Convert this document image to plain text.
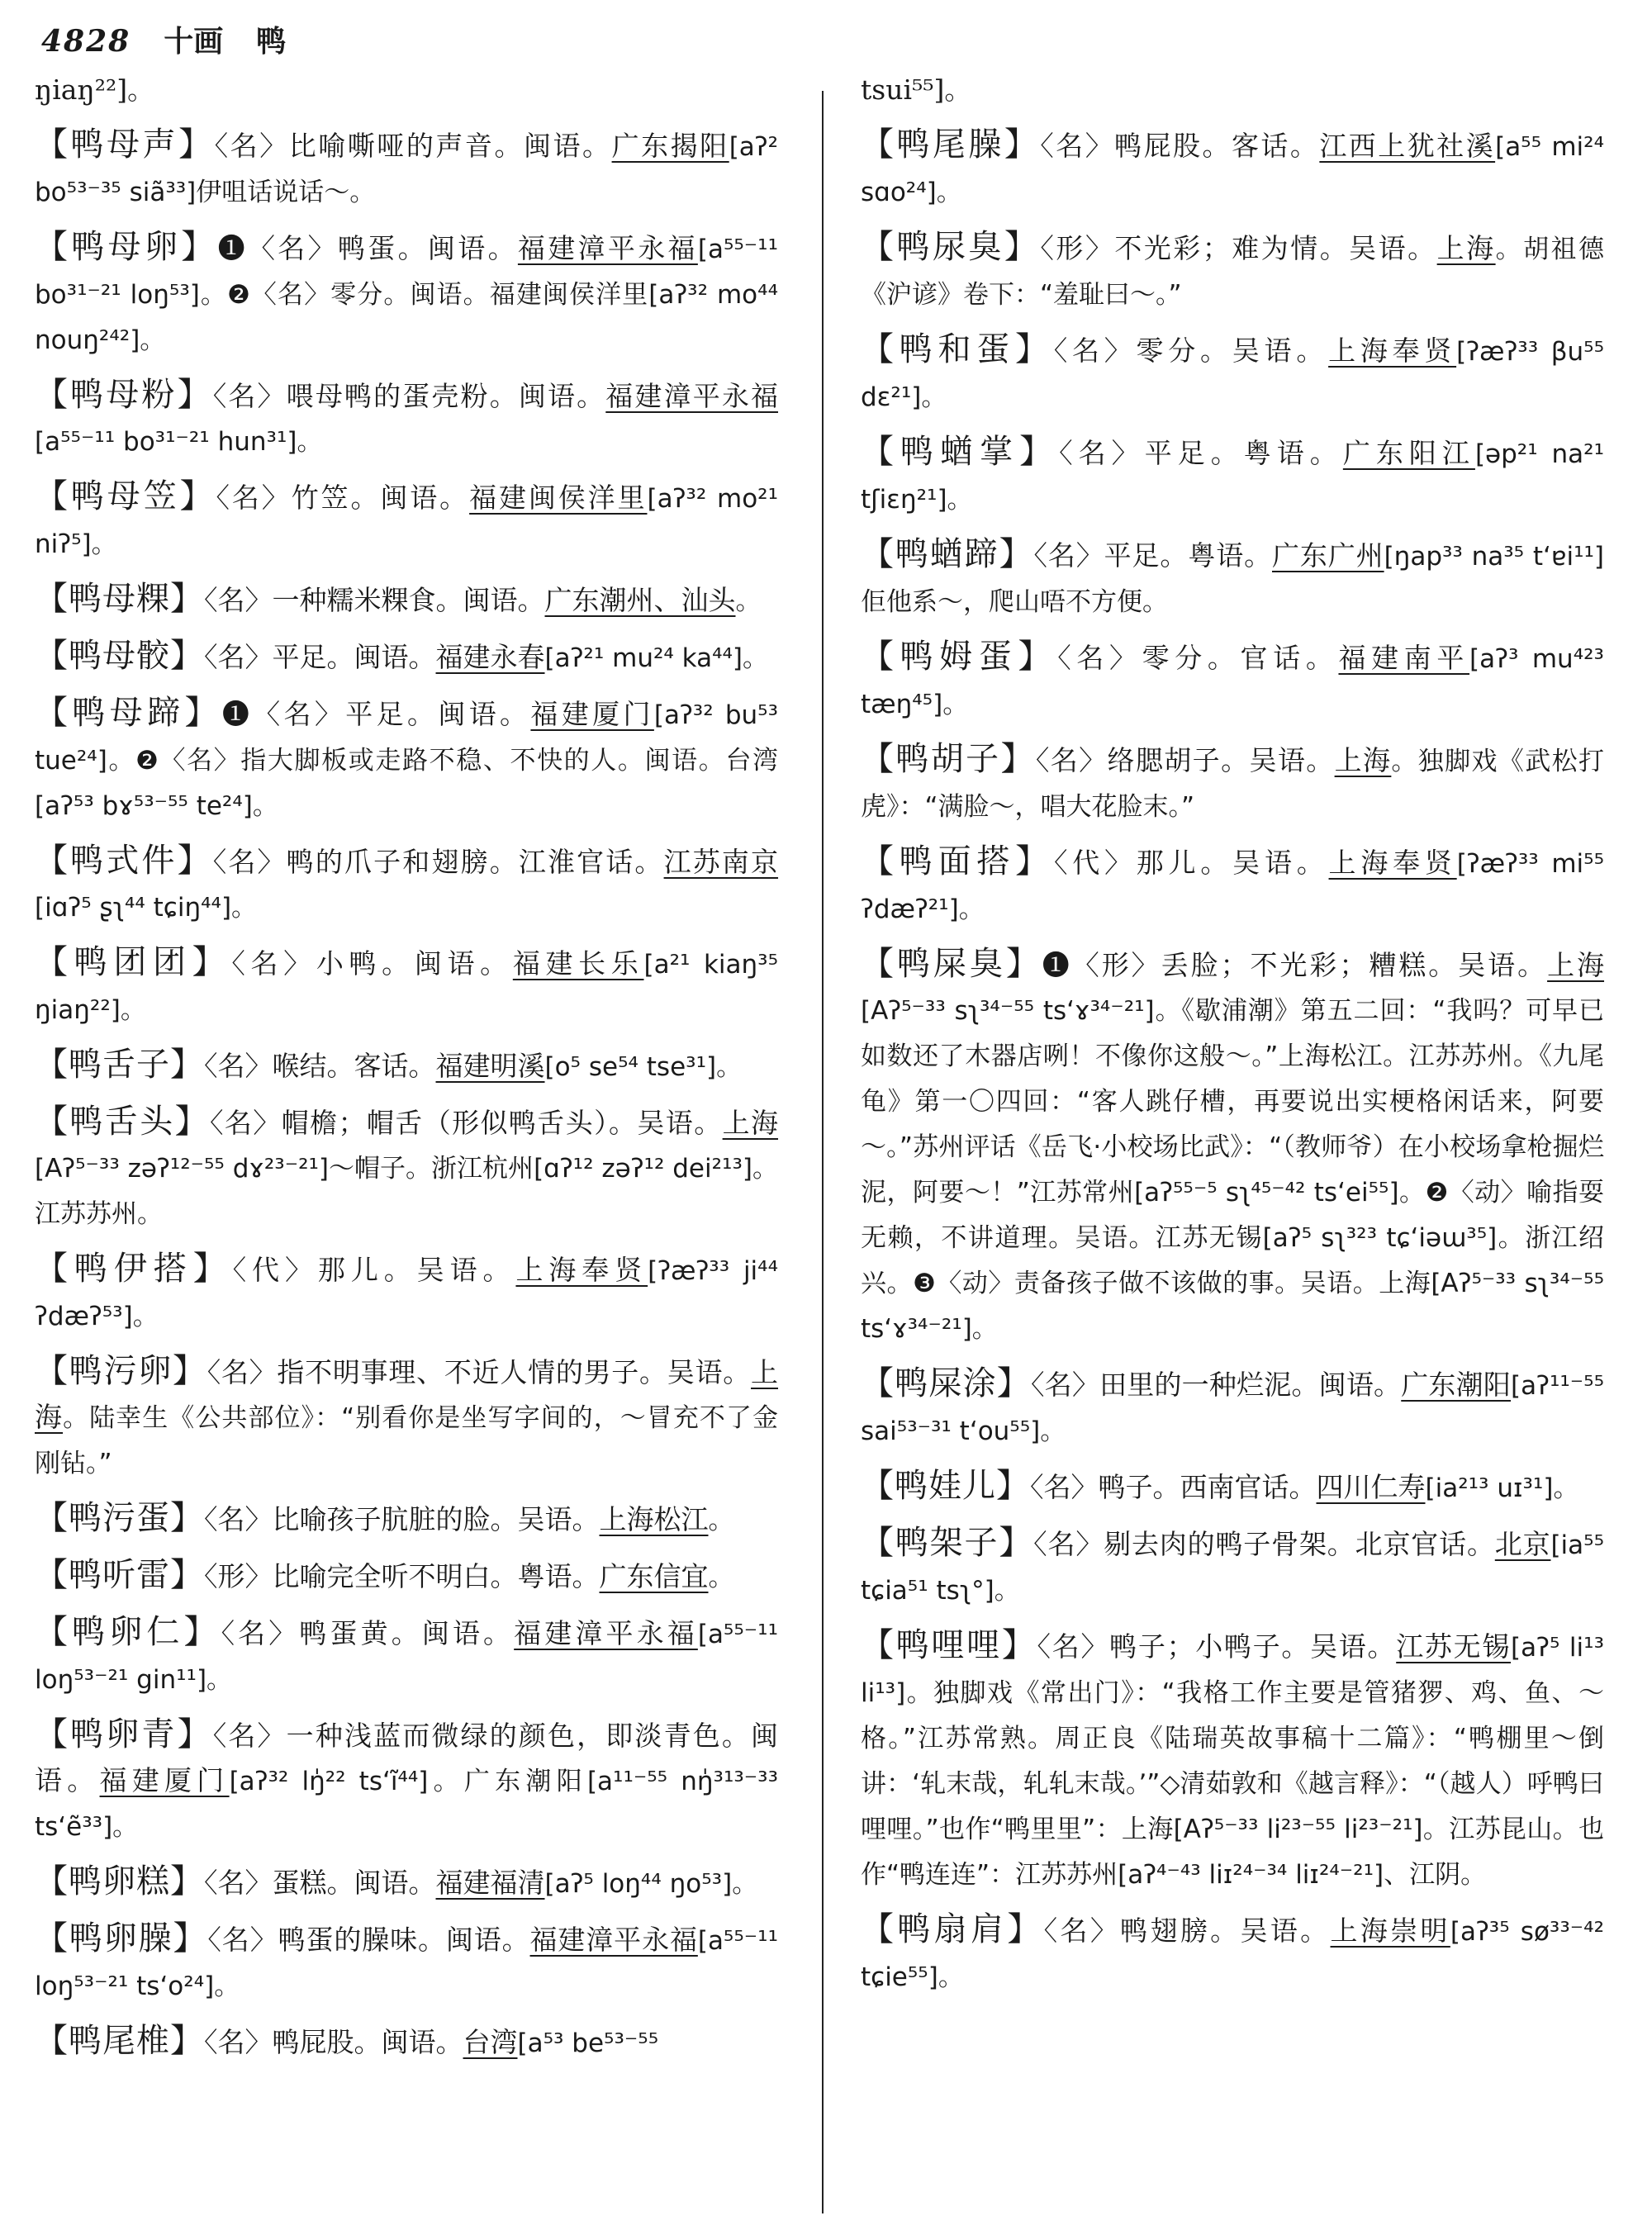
4828 十画 鸭
ŋiaŋ²²]。
【鸭母声】〈名〉比喻嘶哑的声音。闽语。广东揭阳[aʔ² bo⁵³⁻³⁵ siã³³]伊咀话说话～。
【鸭母卵】❶〈名〉鸭蛋。闽语。福建漳平永福[a⁵⁵⁻¹¹ bo³¹⁻²¹ loŋ⁵³]。❷〈名〉零分。闽语。福建闽侯洋里[aʔ³² mo⁴⁴ nouŋ²⁴²]。
【鸭母粉】〈名〉喂母鸭的蛋壳粉。闽语。福建漳平永福[a⁵⁵⁻¹¹ bo³¹⁻²¹ hun³¹]。
【鸭母笠】〈名〉竹笠。闽语。福建闽侯洋里[aʔ³² mo²¹ niʔ⁵]。
【鸭母粿】〈名〉一种糯米粿食。闽语。广东潮州、汕头。
【鸭母骹】〈名〉平足。闽语。福建永春[aʔ²¹ mu²⁴ ka⁴⁴]。
【鸭母蹄】❶〈名〉平足。闽语。福建厦门[aʔ³² bu⁵³ tue²⁴]。❷〈名〉指大脚板或走路不稳、不快的人。闽语。台湾[aʔ⁵³ bɤ⁵³⁻⁵⁵ te²⁴]。
【鸭式件】〈名〉鸭的爪子和翅膀。江淮官话。江苏南京[iɑʔ⁵ ʂʅ⁴⁴ tɕiŋ⁴⁴]。
【鸭团团】〈名〉小鸭。闽语。福建长乐[a²¹ kiaŋ³⁵ ŋiaŋ²²]。
【鸭舌子】〈名〉喉结。客话。福建明溪[o⁵ se⁵⁴ tse³¹]。
【鸭舌头】〈名〉帽檐；帽舌（形似鸭舌头）。吴语。上海[Aʔ⁵⁻³³ zəʔ¹²⁻⁵⁵ dɤ²³⁻²¹]～帽子。浙江杭州[ɑʔ¹² zəʔ¹² dei²¹³]。江苏苏州。
【鸭伊搭】〈代〉那儿。吴语。上海奉贤[ʔæʔ³³ ji⁴⁴ ʔdæʔ⁵³]。
【鸭污卵】〈名〉指不明事理、不近人情的男子。吴语。上海。陆幸生《公共部位》：“别看你是坐写字间的，～冒充不了金刚钻。”
【鸭污蛋】〈名〉比喻孩子肮脏的脸。吴语。上海松江。
【鸭听雷】〈形〉比喻完全听不明白。粤语。广东信宜。
【鸭卵仁】〈名〉鸭蛋黄。闽语。福建漳平永福[a⁵⁵⁻¹¹ loŋ⁵³⁻²¹ gin¹¹]。
【鸭卵青】〈名〉一种浅蓝而微绿的颜色，即淡青色。闽语。福建厦门[aʔ³² lŋ̍²² ts‘ĩ⁴⁴]。广东潮阳[a¹¹⁻⁵⁵ nŋ̍³¹³⁻³³ ts‘ẽ³³]。
【鸭卵糕】〈名〉蛋糕。闽语。福建福清[aʔ⁵ loŋ⁴⁴ ŋo⁵³]。
【鸭卵臊】〈名〉鸭蛋的臊味。闽语。福建漳平永福[a⁵⁵⁻¹¹ loŋ⁵³⁻²¹ ts‘o²⁴]。
【鸭尾椎】〈名〉鸭屁股。闽语。台湾[a⁵³ be⁵³⁻⁵⁵
tsui⁵⁵]。
【鸭尾臊】〈名〉鸭屁股。客话。江西上犹社溪[a⁵⁵ mi²⁴ sɑo²⁴]。
【鸭尿臭】〈形〉不光彩；难为情。吴语。上海。胡祖德《沪谚》卷下：“羞耻曰～。”
【鸭和蛋】〈名〉零分。吴语。上海奉贤[ʔæʔ³³ βu⁵⁵ dɛ²¹]。
【鸭蝤掌】〈名〉平足。粤语。广东阳江[əp²¹ na²¹ tʃiɛŋ²¹]。
【鸭蝤蹄】〈名〉平足。粤语。广东广州[ŋap³³ na³⁵ t‘ɐi¹¹]佢他系～，爬山唔不方便。
【鸭姆蛋】〈名〉零分。官话。福建南平[aʔ³ mu⁴²³ tæŋ⁴⁵]。
【鸭胡子】〈名〉络腮胡子。吴语。上海。独脚戏《武松打虎》：“满脸～，唱大花脸末。”
【鸭面搭】〈代〉那儿。吴语。上海奉贤[ʔæʔ³³ mi⁵⁵ ʔdæʔ²¹]。
【鸭屎臭】❶〈形〉丢脸；不光彩；糟糕。吴语。上海[Aʔ⁵⁻³³ sʅ³⁴⁻⁵⁵ ts‘ɤ³⁴⁻²¹]。《歇浦潮》第五二回：“我吗？可早已如数还了木器店咧！不像你这般～。”上海松江。江苏苏州。《九尾龟》第一〇四回：“客人跳仔槽，再要说出实梗格闲话来，阿要～。”苏州评话《岳飞·小校场比武》：“（教师爷）在小校场拿枪掘烂泥，阿要～！”江苏常州[aʔ⁵⁵⁻⁵ sʅ⁴⁵⁻⁴² ts‘ei⁵⁵]。❷〈动〉喻指耍无赖，不讲道理。吴语。江苏无锡[aʔ⁵ sʅ³²³ tɕ‘iəɯ³⁵]。浙江绍兴。❸〈动〉责备孩子做不该做的事。吴语。上海[Aʔ⁵⁻³³ sʅ³⁴⁻⁵⁵ ts‘ɤ³⁴⁻²¹]。
【鸭屎涂】〈名〉田里的一种烂泥。闽语。广东潮阳[aʔ¹¹⁻⁵⁵ sai⁵³⁻³¹ t‘ou⁵⁵]。
【鸭娃儿】〈名〉鸭子。西南官话。四川仁寿[ia²¹³ uɪ³¹]。
【鸭架子】〈名〉剔去肉的鸭子骨架。北京官话。北京[ia⁵⁵ tɕia⁵¹ tsʅ°]。
【鸭哩哩】〈名〉鸭子；小鸭子。吴语。江苏无锡[aʔ⁵ li¹³ li¹³]。独脚戏《常出门》：“我格工作主要是管猪猡、鸡、鱼、～格。”江苏常熟。周正良《陆瑞英故事稿十二篇》：“鸭棚里～倒讲：‘轧末哉，轧轧末哉。’”◇清茹敦和《越言释》：“（越人）呼鸭曰哩哩。”也作“鸭里里”：上海[Aʔ⁵⁻³³ li²³⁻⁵⁵ li²³⁻²¹]。江苏昆山。也作“鸭连连”：江苏苏州[aʔ⁴⁻⁴³ liɪ²⁴⁻³⁴ liɪ²⁴⁻²¹]、江阴。
【鸭扇肩】〈名〉鸭翅膀。吴语。上海崇明[aʔ³⁵ sø³³⁻⁴² tɕie⁵⁵]。
